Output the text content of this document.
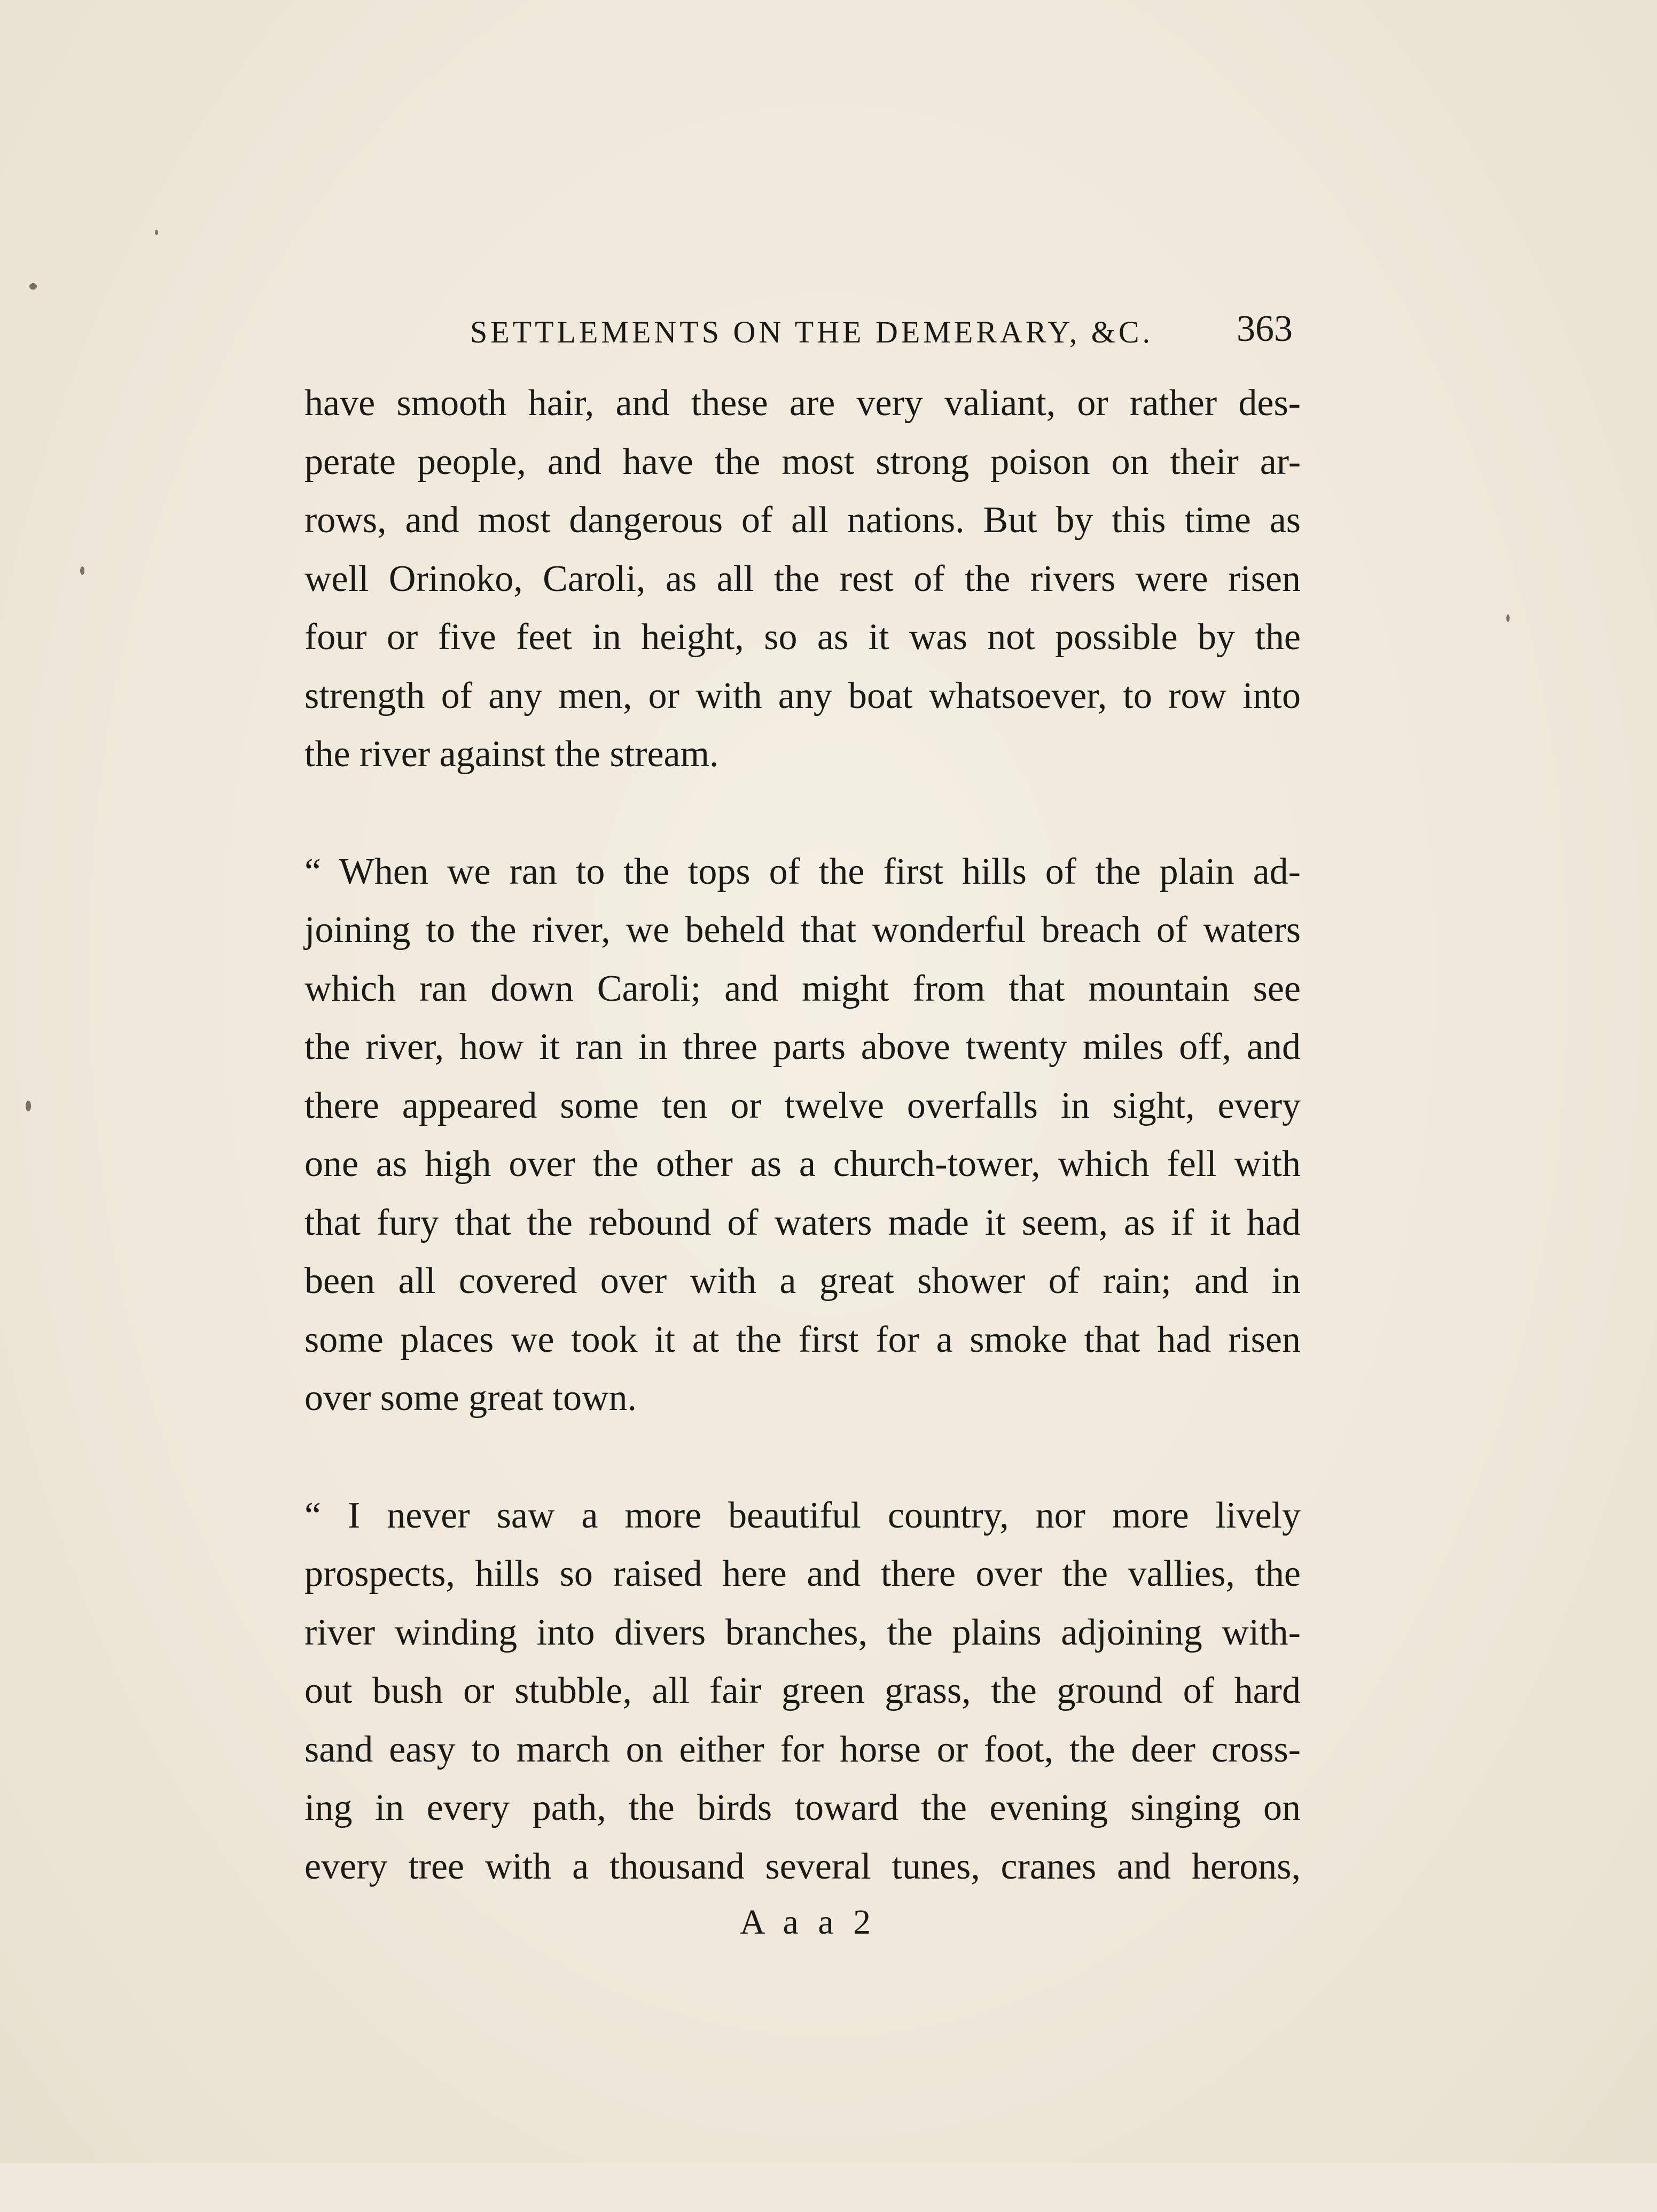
SETTLEMENTS ON THE DEMERARY, &C. 363
have smooth hair, and these are very valiant, or rather des-
perate people, and have the most strong poison on their ar-
rows, and most dangerous of all nations. But by this time as
well Orinoko, Caroli, as all the rest of the rivers were risen
four or five feet in height, so as it was not possible by the
strength of any men, or with any boat whatsoever, to row into
the river against the stream.
“ When we ran to the tops of the first hills of the plain ad-
joining to the river, we beheld that wonderful breach of waters
which ran down Caroli; and might from that mountain see
the river, how it ran in three parts above twenty miles off, and
there appeared some ten or twelve overfalls in sight, every
one as high over the other as a church-tower, which fell with
that fury that the rebound of waters made it seem, as if it had
been all covered over with a great shower of rain; and in
some places we took it at the first for a smoke that had risen
over some great town.
“ I never saw a more beautiful country, nor more lively
prospects, hills so raised here and there over the vallies, the
river winding into divers branches, the plains adjoining with-
out bush or stubble, all fair green grass, the ground of hard
sand easy to march on either for horse or foot, the deer cross-
ing in every path, the birds toward the evening singing on
every tree with a thousand several tunes, cranes and herons,
A a a 2
